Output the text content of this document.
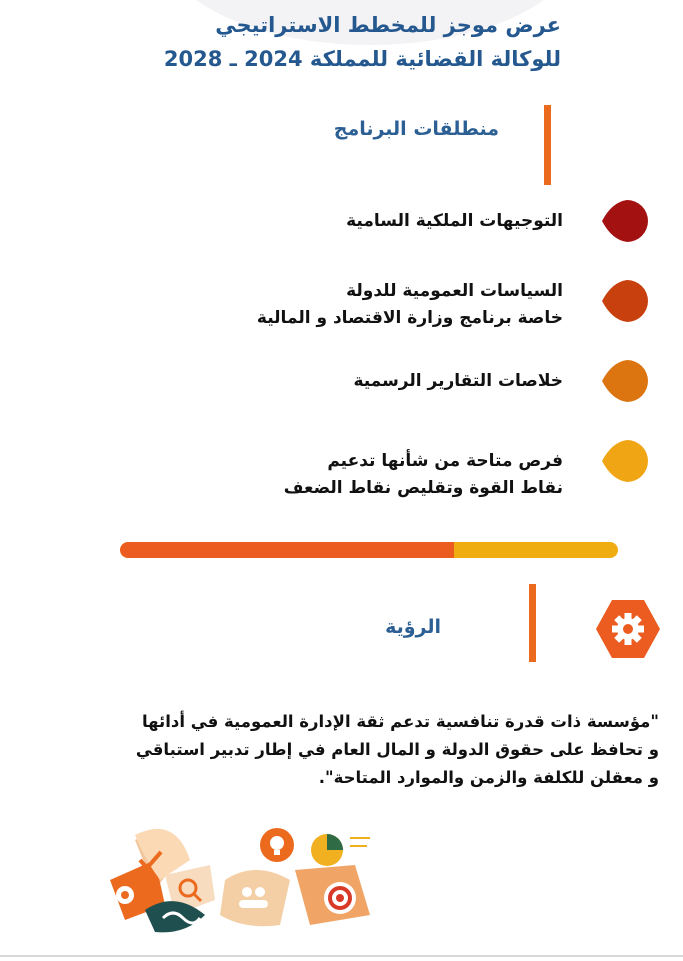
عرض موجز للمخطط الاستراتيجي
للوكالة القضائية للمملكة 2024 ـ 2028
منطلقات البرنامج
التوجيهات الملكية السامية
السياسات العمومية للدولة
خاصة برنامج وزارة الاقتصاد و المالية
خلاصات التقارير الرسمية
فرص متاحة من شأنها تدعيم
نقاط القوة وتقليص نقاط الضعف
الرؤية
"مؤسسة ذات قدرة تنافسية تدعم ثقة الإدارة العمومية في أدائها
و تحافظ على حقوق الدولة و المال العام في إطار تدبير استباقي
و معقلن للكلفة والزمن والموارد المتاحة".
